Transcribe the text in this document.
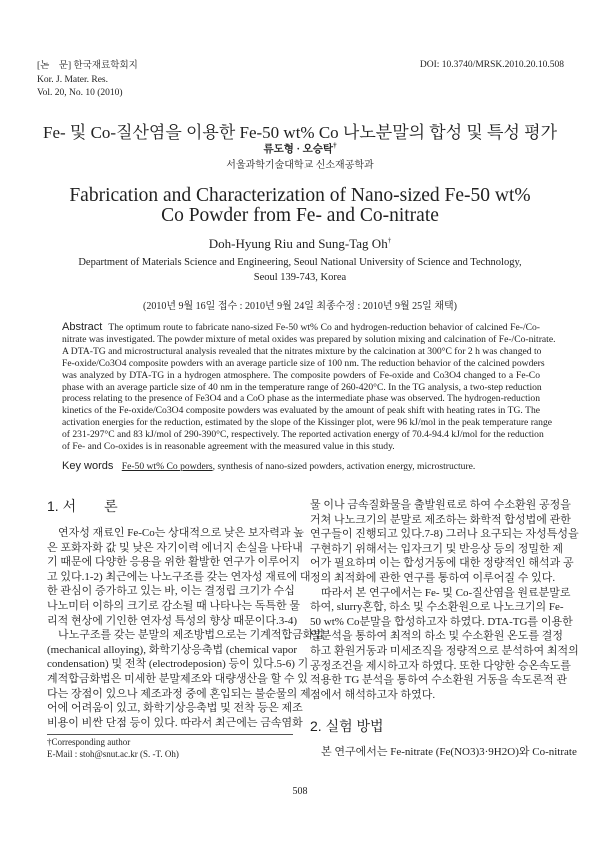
[논　문] 한국재료학회지
Kor. J. Mater. Res.
Vol. 20, No. 10 (2010)
DOI: 10.3740/MRSK.2010.20.10.508
Fe- 및 Co-질산염을 이용한 Fe-50 wt% Co 나노분말의 합성 및 특성 평가
류도형 · 오승탁†
서울과학기술대학교 신소재공학과
Fabrication and Characterization of Nano-sized Fe-50 wt%
Co Powder from Fe- and Co-nitrate
Doh-Hyung Riu and Sung-Tag Oh†
Department of Materials Science and Engineering, Seoul National University of Science and Technology,
Seoul 139-743, Korea
(2010년 9월 16일 접수 : 2010년 9월 24일 최종수정 : 2010년 9월 25일 채택)
Abstract The optimum route to fabricate nano-sized Fe-50 wt% Co and hydrogen-reduction behavior of calcined Fe-/Co-
nitrate was investigated. The powder mixture of metal oxides was prepared by solution mixing and calcination of Fe-/Co-nitrate.
A DTA-TG and microstructural analysis revealed that the nitrates mixture by the calcination at 300°C for 2 h was changed to
Fe-oxide/Co3O4 composite powders with an average particle size of 100 nm. The reduction behavior of the calcined powders
was analyzed by DTA-TG in a hydrogen atmosphere. The composite powders of Fe-oxide and Co3O4 changed to a Fe-Co
phase with an average particle size of 40 nm in the temperature range of 260-420°C. In the TG analysis, a two-step reduction
process relating to the presence of Fe3O4 and a CoO phase as the intermediate phase was observed. The hydrogen-reduction
kinetics of the Fe-oxide/Co3O4 composite powders was evaluated by the amount of peak shift with heating rates in TG. The
activation energies for the reduction, estimated by the slope of the Kissinger plot, were 96 kJ/mol in the peak temperature range
of 231-297°C and 83 kJ/mol of 290-390°C, respectively. The reported activation energy of 70.4-94.4 kJ/mol for the reduction
of Fe- and Co-oxides is in reasonable agreement with the measured value in this study.
Key words Fe-50 wt% Co powders, synthesis of nano-sized powders, activation energy, microstructure.
1. 서　　론
　연자성 재료인 Fe-Co는 상대적으로 낮은 보자력과 높
은 포화자화 값 및 낮은 자기이력 에너지 손실을 나타내
기 때문에 다양한 응용을 위한 활발한 연구가 이루어지
고 있다.1-2) 최근에는 나노구조를 갖는 연자성 재료에 대
한 관심이 증가하고 있는 바, 이는 결정립 크기가 수십
나노미터 이하의 크기로 감소될 때 나타나는 독특한 물
리적 현상에 기인한 연자성 특성의 향상 때문이다.3-4)
　나노구조를 갖는 분말의 제조방법으로는 기계적합금화법
(mechanical alloying), 화학기상응축법 (chemical vapor
condensation) 및 전착 (electrodeposion) 등이 있다.5-6) 기
계적합금화법은 미세한 분말제조와 대량생산을 할 수 있
다는 장점이 있으나 제조과정 중에 혼입되는 불순물의 제
어에 어려움이 있고, 화학기상응축법 및 전착 등은 제조
비용이 비싼 단점 등이 있다. 따라서 최근에는 금속염화
물 이나 금속질화물을 출발원료로 하여 수소환원 공정을
거쳐 나노크기의 분말로 제조하는 화학적 합성법에 관한
연구들이 진행되고 있다.7-8) 그러나 요구되는 자성특성을
구현하기 위해서는 입자크기 및 반응상 등의 정밀한 제
어가 필요하며 이는 합성거동에 대한 정량적인 해석과 공
정의 최적화에 관한 연구를 통하여 이루어질 수 있다.
　따라서 본 연구에서는 Fe- 및 Co-질산염을 원료분말로
하여, slurry혼합, 하소 및 수소환원으로 나노크기의 Fe-
50 wt% Co분말을 합성하고자 하였다. DTA-TG를 이용한
열분석을 통하여 최적의 하소 및 수소환원 온도를 결정
하고 환원거동과 미세조직을 정량적으로 분석하여 최적의
공정조건을 제시하고자 하였다. 또한 다양한 승온속도를
적용한 TG 분석을 통하여 수소환원 거동을 속도론적 관
점에서 해석하고자 하였다.
2. 실험 방법
　본 연구에서는 Fe-nitrate (Fe(NO3)3·9H2O)와 Co-nitrate
†Corresponding author
E-Mail : stoh@snut.ac.kr (S. -T. Oh)
508
